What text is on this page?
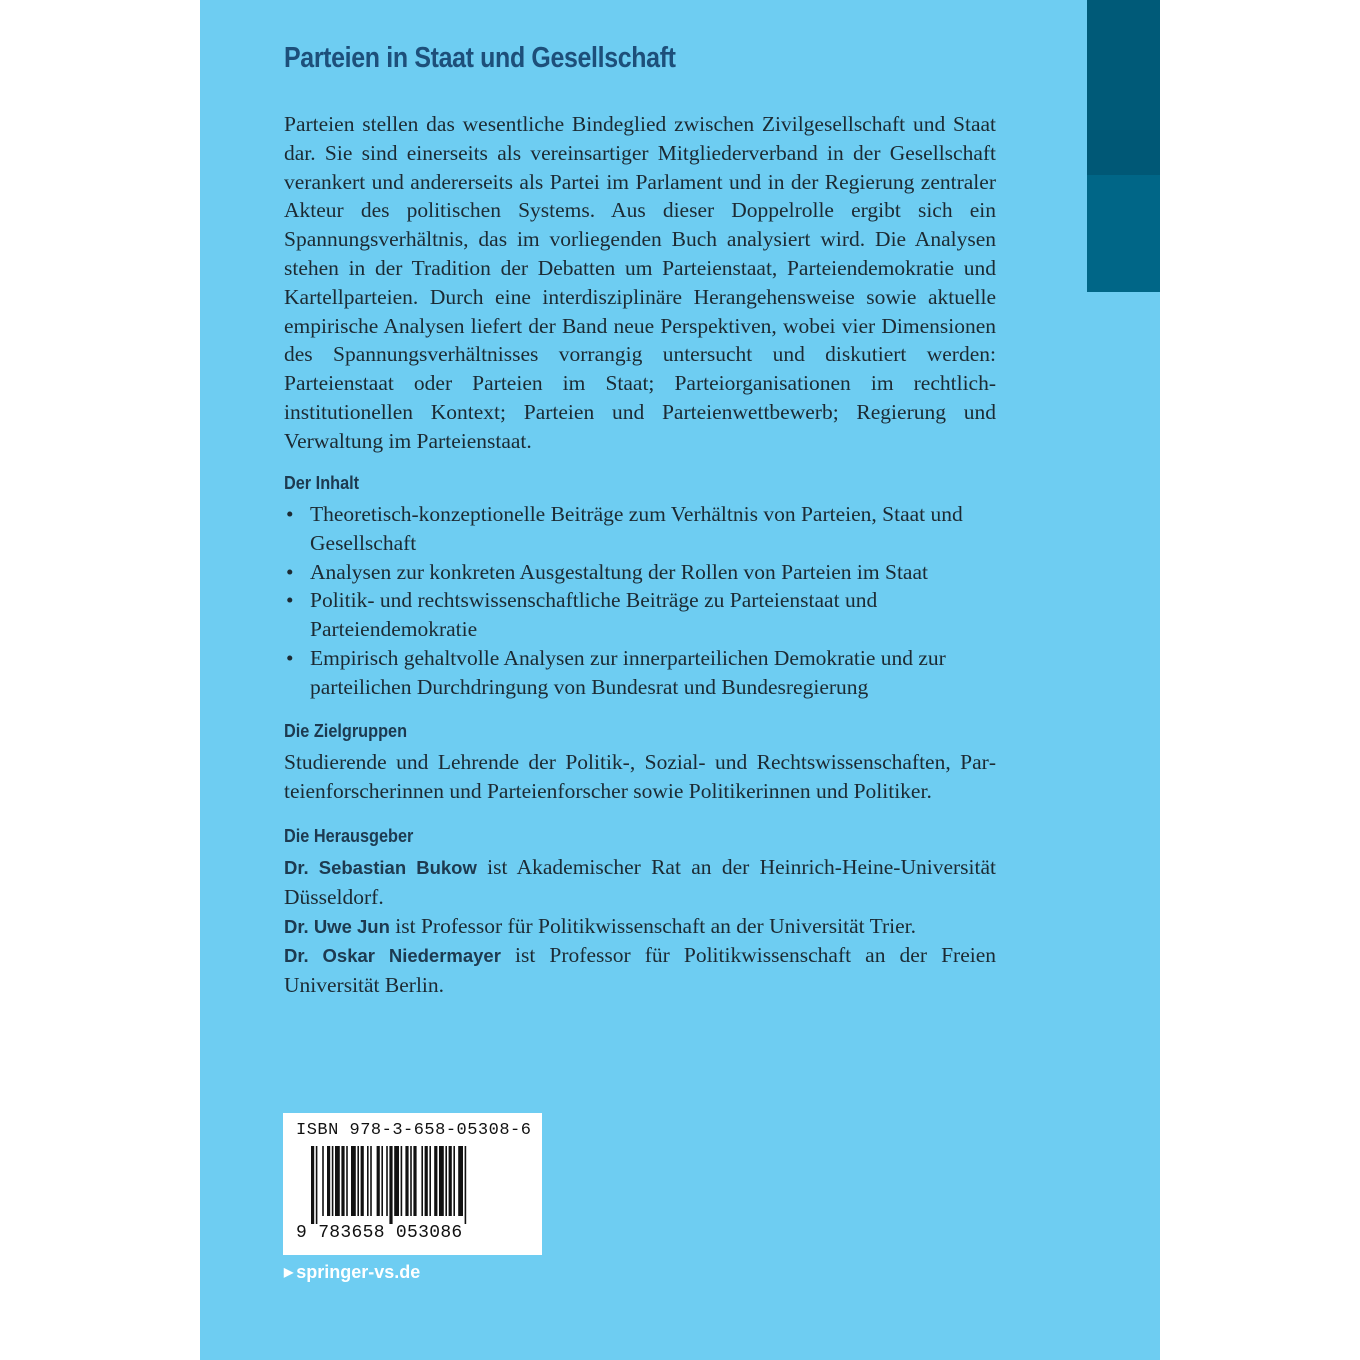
Parteien in Staat und Gesellschaft
Parteien stellen das wesentliche Bindeglied zwischen Zivilgesellschaft und Staat dar. Sie sind einerseits als vereinsartiger Mitgliederverband in der Gesellschaft verankert und andererseits als Partei im Parlament und in der Regierung zentraler Akteur des politischen Systems. Aus dieser Doppelrolle ergibt sich ein Spannungsverhältnis, das im vorliegenden Buch analysiert wird. Die Analysen stehen in der Tradition der Debatten um Parteienstaat, Parteiendemokratie und Kartellparteien. Durch eine interdisziplinäre Herangehensweise sowie aktuelle empirische Analysen liefert der Band neue Perspektiven, wobei vier Dimensionen des Spannungsverhältnisses vorrangig untersucht und diskutiert werden: Parteienstaat oder Parteien im Staat; Parteiorganisationen im rechtlich-institutionellen Kontext; Parteien und Parteienwettbewerb; Regierung und Verwaltung im Parteienstaat.
Der Inhalt
• Theoretisch-konzeptionelle Beiträge zum Verhältnis von Parteien, Staat und Gesellschaft
• Analysen zur konkreten Ausgestaltung der Rollen von Parteien im Staat
• Politik- und rechtswissenschaftliche Beiträge zu Parteienstaat und Parteiendemokratie
• Empirisch gehaltvolle Analysen zur innerparteilichen Demokratie und zur parteilichen Durchdringung von Bundesrat und Bundesregierung
Die Zielgruppen
Studierende und Lehrende der Politik-, Sozial- und Rechtswissenschaften, Parteienforscherinnen und Parteienforscher sowie Politikerinnen und Politiker.
Die Herausgeber

Dr. Sebastian Bukow ist Akademischer Rat an der Heinrich-Heine-Universität Düsseldorf.

Dr. Uwe Jun ist Professor für Politikwissenschaft an der Universität Trier.

Dr. Oskar Niedermayer ist Professor für Politikwissenschaft an der Freien Universität Berlin.

ISBN 978-3-658-05308-6
9 783658 053086
▶ springer-vs.de
